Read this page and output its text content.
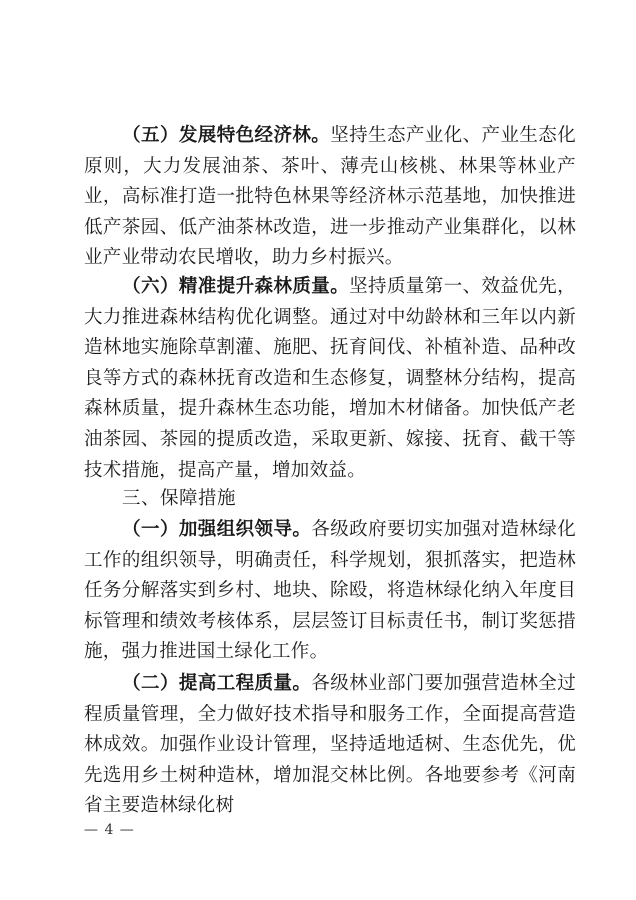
（五）发展特色经济林。坚持生态产业化、产业生态化原则，大力发展油茶、茶叶、薄壳山核桃、林果等林业产业，高标准打造一批特色林果等经济林示范基地，加快推进低产茶园、低产油茶林改造，进一步推动产业集群化，以林业产业带动农民增收，助力乡村振兴。

（六）精准提升森林质量。坚持质量第一、效益优先，大力推进森林结构优化调整。通过对中幼龄林和三年以内新造林地实施除草割灌、施肥、抚育间伐、补植补造、品种改良等方式的森林抚育改造和生态修复，调整林分结构，提高森林质量，提升森林生态功能，增加木材储备。加快低产老油茶园、茶园的提质改造，采取更新、嫁接、抚育、截干等技术措施，提高产量，增加效益。

三、保障措施

（一）加强组织领导。各级政府要切实加强对造林绿化工作的组织领导，明确责任，科学规划，狠抓落实，把造林任务分解落实到乡村、地块、除殴，将造林绿化纳入年度目标管理和绩效考核体系，层层签订目标责任书，制订奖惩措施，强力推进国土绿化工作。

（二）提高工程质量。各级林业部门要加强营造林全过程质量管理，全力做好技术指导和服务工作，全面提高营造林成效。加强作业设计管理，坚持适地适树、生态优先，优先选用乡土树种造林，增加混交林比例。各地要参考《河南省主要造林绿化树

— 4 —
